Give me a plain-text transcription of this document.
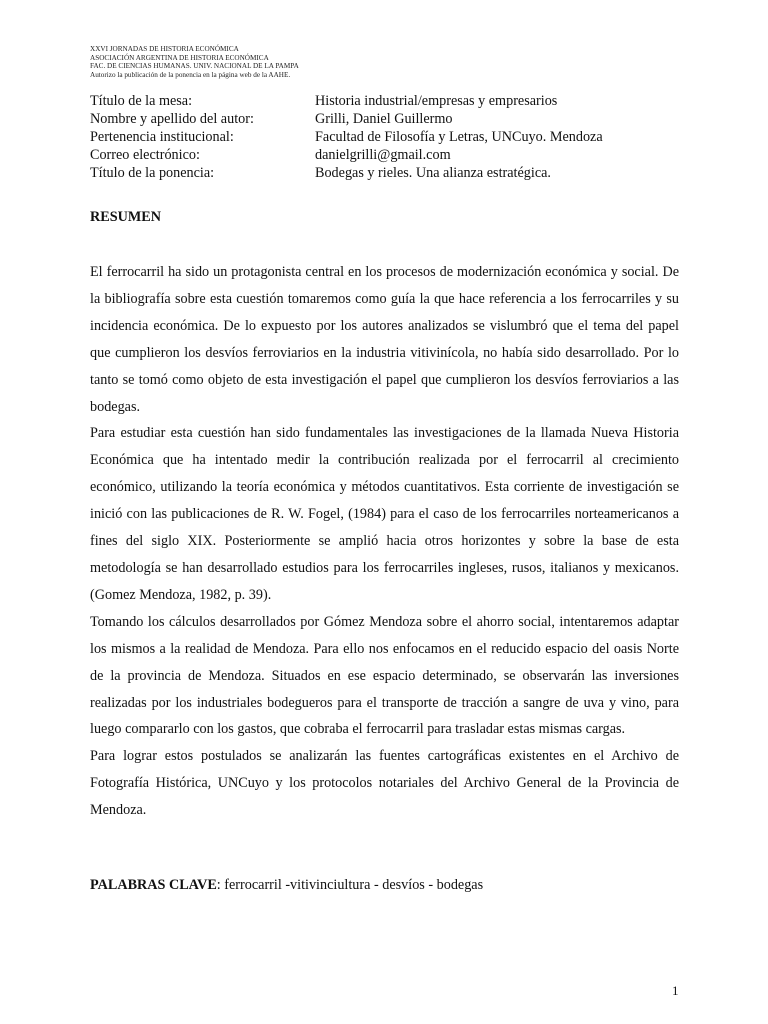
XXVI JORNADAS DE HISTORIA ECONÓMICA
ASOCIACIÓN ARGENTINA DE HISTORIA ECONÓMICA
FAC. DE CIENCIAS HUMANAS. UNIV. NACIONAL DE LA PAMPA
Autorizo la publicación de la ponencia en la página web de la AAHE.
Título de la mesa:	Historia industrial/empresas y empresarios
Nombre y apellido del autor:	Grilli, Daniel Guillermo
Pertenencia institucional:	Facultad de Filosofía y Letras, UNCuyo. Mendoza
Correo electrónico:	danielgrilli@gmail.com
Título de la ponencia:	Bodegas y rieles. Una alianza estratégica.
RESUMEN

El ferrocarril ha sido un protagonista central en los procesos de modernización económica y social. De la bibliografía sobre esta cuestión tomaremos como guía la que hace referencia a los ferrocarriles y su incidencia económica. De lo expuesto por los autores analizados se vislumbró que el tema del papel que cumplieron los desvíos ferroviarios en la industria vitivinícola, no había sido desarrollado. Por lo tanto se tomó como objeto de esta investigación el papel que cumplieron los desvíos ferroviarios a las bodegas.

Para estudiar esta cuestión han sido fundamentales las investigaciones de la llamada Nueva Historia Económica que ha intentado medir la contribución realizada por el ferrocarril al crecimiento económico, utilizando la teoría económica y métodos cuantitativos. Esta corriente de investigación se inició con las publicaciones de R. W. Fogel, (1984) para el caso de los ferrocarriles norteamericanos a fines del siglo XIX. Posteriormente se amplió hacia otros horizontes y sobre la base de esta metodología se han desarrollado estudios para los ferrocarriles ingleses, rusos, italianos y mexicanos. (Gomez Mendoza, 1982, p. 39).

Tomando los cálculos desarrollados por Gómez Mendoza sobre el ahorro social, intentaremos adaptar los mismos a la realidad de Mendoza. Para ello nos enfocamos en el reducido espacio del oasis Norte de la provincia de Mendoza. Situados en ese espacio determinado, se observarán las inversiones realizadas por los industriales bodegueros para el transporte de tracción a sangre de uva y vino, para luego compararlo con los gastos, que cobraba el ferrocarril para trasladar estas mismas cargas.

Para lograr estos postulados se analizarán las fuentes cartográficas existentes en el Archivo de Fotografía Histórica, UNCuyo y los protocolos notariales del Archivo General de la Provincia de Mendoza.

PALABRAS CLAVE: ferrocarril -vitivinciultura - desvíos - bodegas
1
